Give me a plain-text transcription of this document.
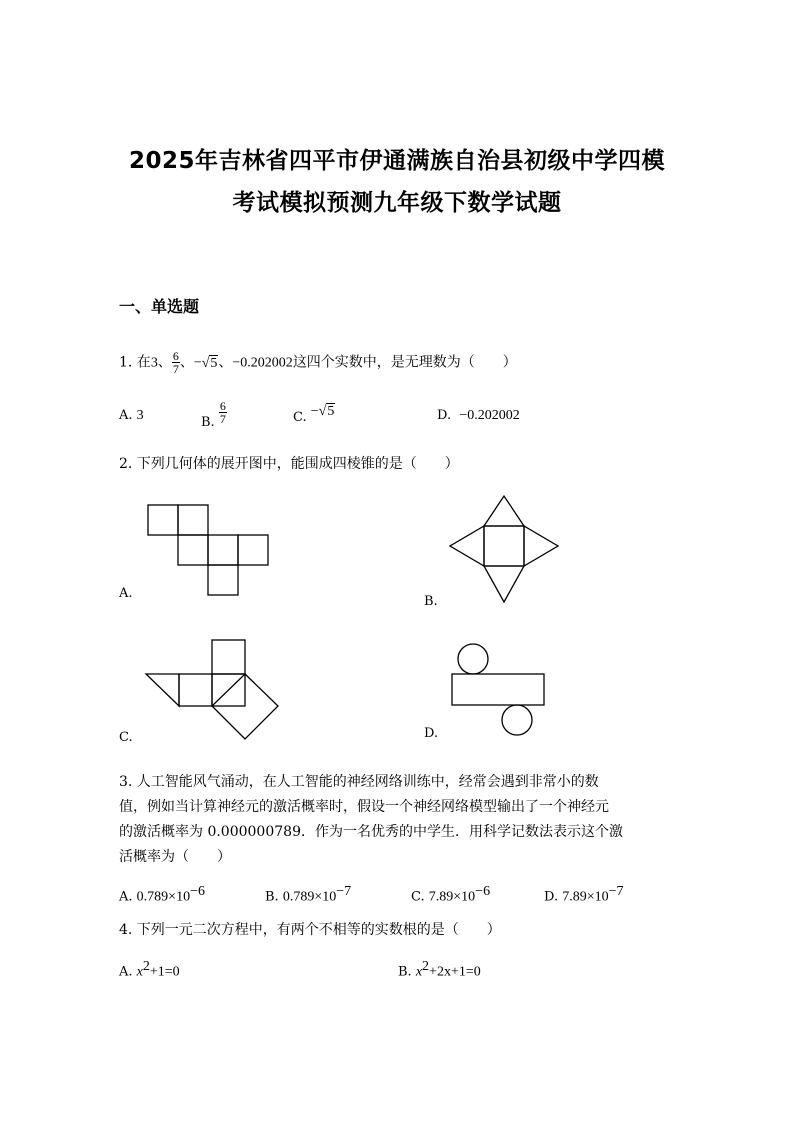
2025年吉林省四平市伊通满族自治县初级中学四模
考试模拟预测九年级下数学试题
一、单选题
1. 在3、 $\frac{6}{7}$ 、−√5、−0.202002这四个实数中，是无理数为（　　）
A. 3	B. $\frac{6}{7}$	C. −√5	D. −0.202002
2. 下列几何体的展开图中，能围成四棱锥的是（　　）
A.
B.
C.	D.
3. 人工智能风气涌动，在人工智能的神经网络训练中，经常会遇到非常小的数
值，例如当计算神经元的激活概率时，假设一个神经网络模型输出了一个神经元
的激活概率为 0.000000789．作为一名优秀的中学生．用科学记数法表示这个激
活概率为（　　）
A. $0.789\times 10^{-6}$	B. $0.789\times 10^{-7}$	C. $7.89\times 10^{-6}$	D. $7.89\times 10^{-7}$
4. 下列一元二次方程中，有两个不相等的实数根的是（　　）
A. $x^2+1=0$	B. $x^2+2x+1=0$
